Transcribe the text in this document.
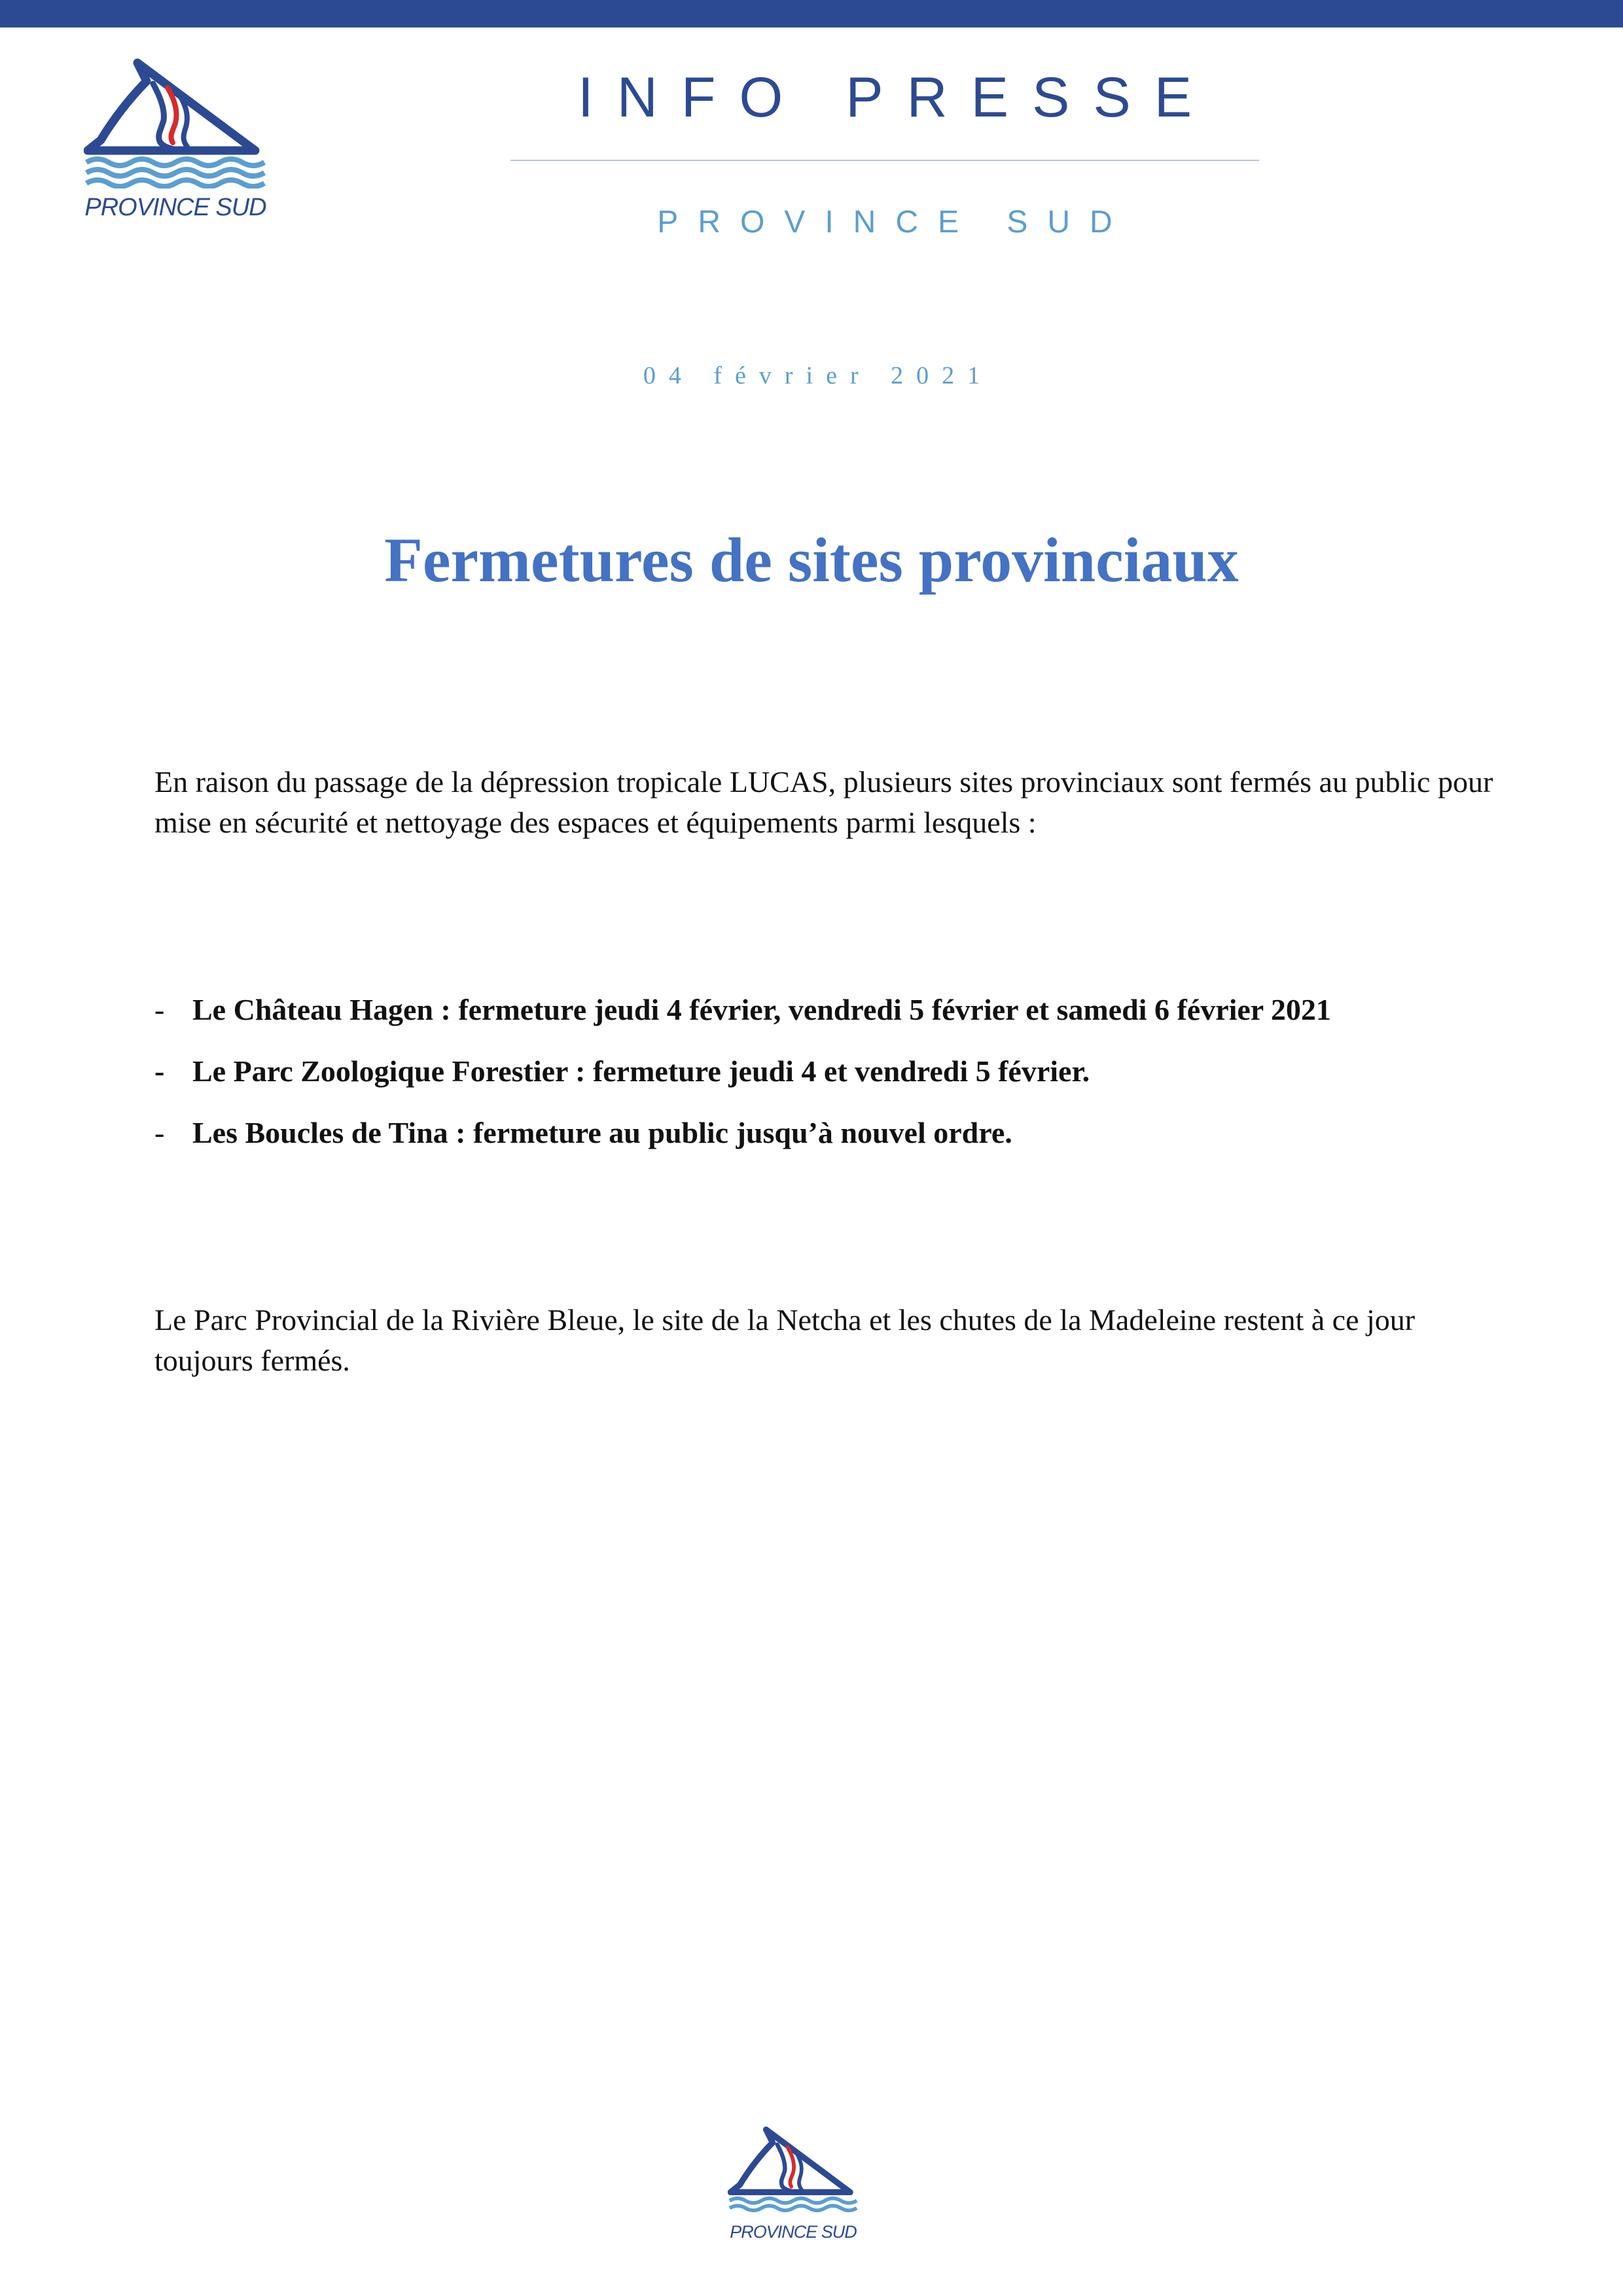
PROVINCE SUD
INFO PRESSE
PROVINCE SUD
04 février 2021
Fermetures de sites provinciaux

En raison du passage de la dépression tropicale LUCAS, plusieurs sites provinciaux sont fermés au public pour mise en sécurité et nettoyage des espaces et équipements parmi lesquels :

- Le Château Hagen : fermeture jeudi 4 février, vendredi 5 février et samedi 6 février 2021
- Le Parc Zoologique Forestier : fermeture jeudi 4 et vendredi 5 février.
- Les Boucles de Tina : fermeture au public jusqu’à nouvel ordre.

Le Parc Provincial de la Rivière Bleue, le site de la Netcha et les chutes de la Madeleine restent à ce jour toujours fermés.

PROVINCE SUD
